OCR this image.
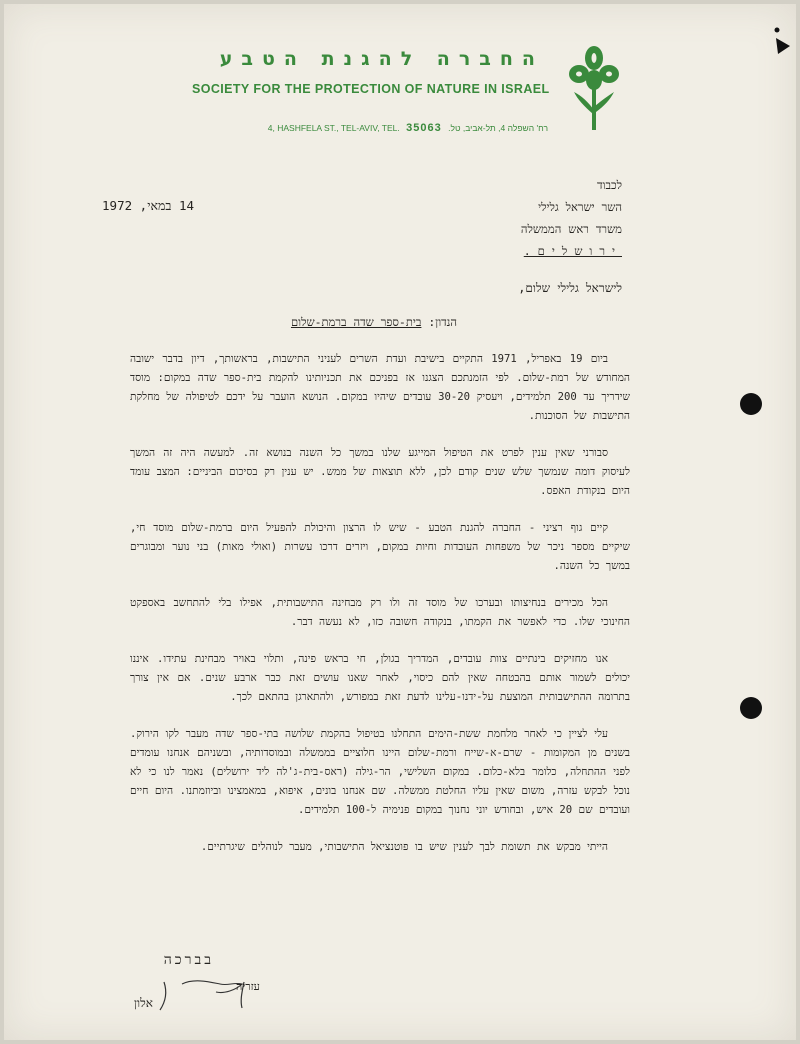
החברה להגנת הטבע
SOCIETY FOR THE PROTECTION OF NATURE IN ISRAEL
4, HASHFELA ST., TEL-AVIV, TEL. 35063 רח' השפלה 4, תל-אביב, טל.
לכבוד
השר ישראל גלילי
משרד ראש הממשלה
ירושלים.
14 במאי, 1972
לישראל גלילי שלום,
הנדון: בית-ספר שדה ברמת-שלום

ביום 19 באפריל, 1971 התקיים בישיבת ועדת השרים לעניני התישבות, בראשותך, דיון בדבר ישובה המחודש של רמת-שלום. לפי הזמנתכם הצגנו אז בפניכם את תכניותינו להקמת בית-ספר שדה במקום: מוסד שידריך עד 200 תלמידים, ויעסיק 30-20 עובדים שיהיו במקום. הנושא הועבר על ידכם לטיפולה של מחלקת התישבות של הסוכנות.

סבורני שאין ענין לפרט את הטיפול המייגע שלנו במשך כל השנה בנושא זה. למעשה היה זה המשך לעיסוק דומה שנמשך שלש שנים קודם לכן, ללא תוצאות של ממש. יש ענין רק בסיכום הביניים: המצב עומד היום בנקודת האפס.

קיים גוף רציני - החברה להגנת הטבע - שיש לו הרצון והיכולת להפעיל היום ברמת-שלום מוסד חי, שיקיים מספר ניכר של משפחות העובדות וחיות במקום, ויזרים דרכו עשרות (ואולי מאות) בני נוער ומבוגרים במשך כל השנה.

הכל מכירים בנחיצותו ובערכו של מוסד זה ולו רק מבחינה התישבותית, אפילו בלי להתחשב באספקט החינוכי שלו. כדי לאפשר את הקמתו, בנקודה חשובה כזו, לא נעשה דבר.

אנו מחזיקים בינתיים צוות עובדים, המדריך בגולן, חי בראש פינה, ותלוי באויר מבחינת עתידו. איננו יכולים לשמור אותם בהבטחה שאין להם כיסוי, לאחר שאנו עושים זאת כבר ארבע שנים. אם אין צורך בתרומה ההתישבותית המוצעת על-ידנו-עלינו לדעת זאת במפורש, ולהתארגן בהתאם לכך.

עלי לציין כי לאחר מלחמת ששת-הימים התחלנו בטיפול בהקמת שלושה בתי-ספר שדה מעבר לקו הירוק. בשנים מן המקומות - שרם-א-שייח ורמת-שלום היינו חלוציים בממשלה ובמוסדותיה, ובשניהם אנחנו עומדים לפני ההתחלה, כלומר בלא-כלום. במקום השלישי, הר-גילה (ראס-בית-ג'לה ליד ירושלים) נאמר לנו כי לא נוכל לבקש עזרה, משום שאין עליו החלטת ממשלה. שם אנחנו בונים, איפוא, במאמצינו וביוזמתנו. היום חיים ועובדים שם 20 איש, ובחודש יוני נחנוך במקום פנימיה ל-100 תלמידים.

הייתי מבקש את תשומת לבך לענין שיש בו פוטנציאל התישבותי, מעבר לנוהלים שיגרתיים.

בברכה
עזריה
אלון
